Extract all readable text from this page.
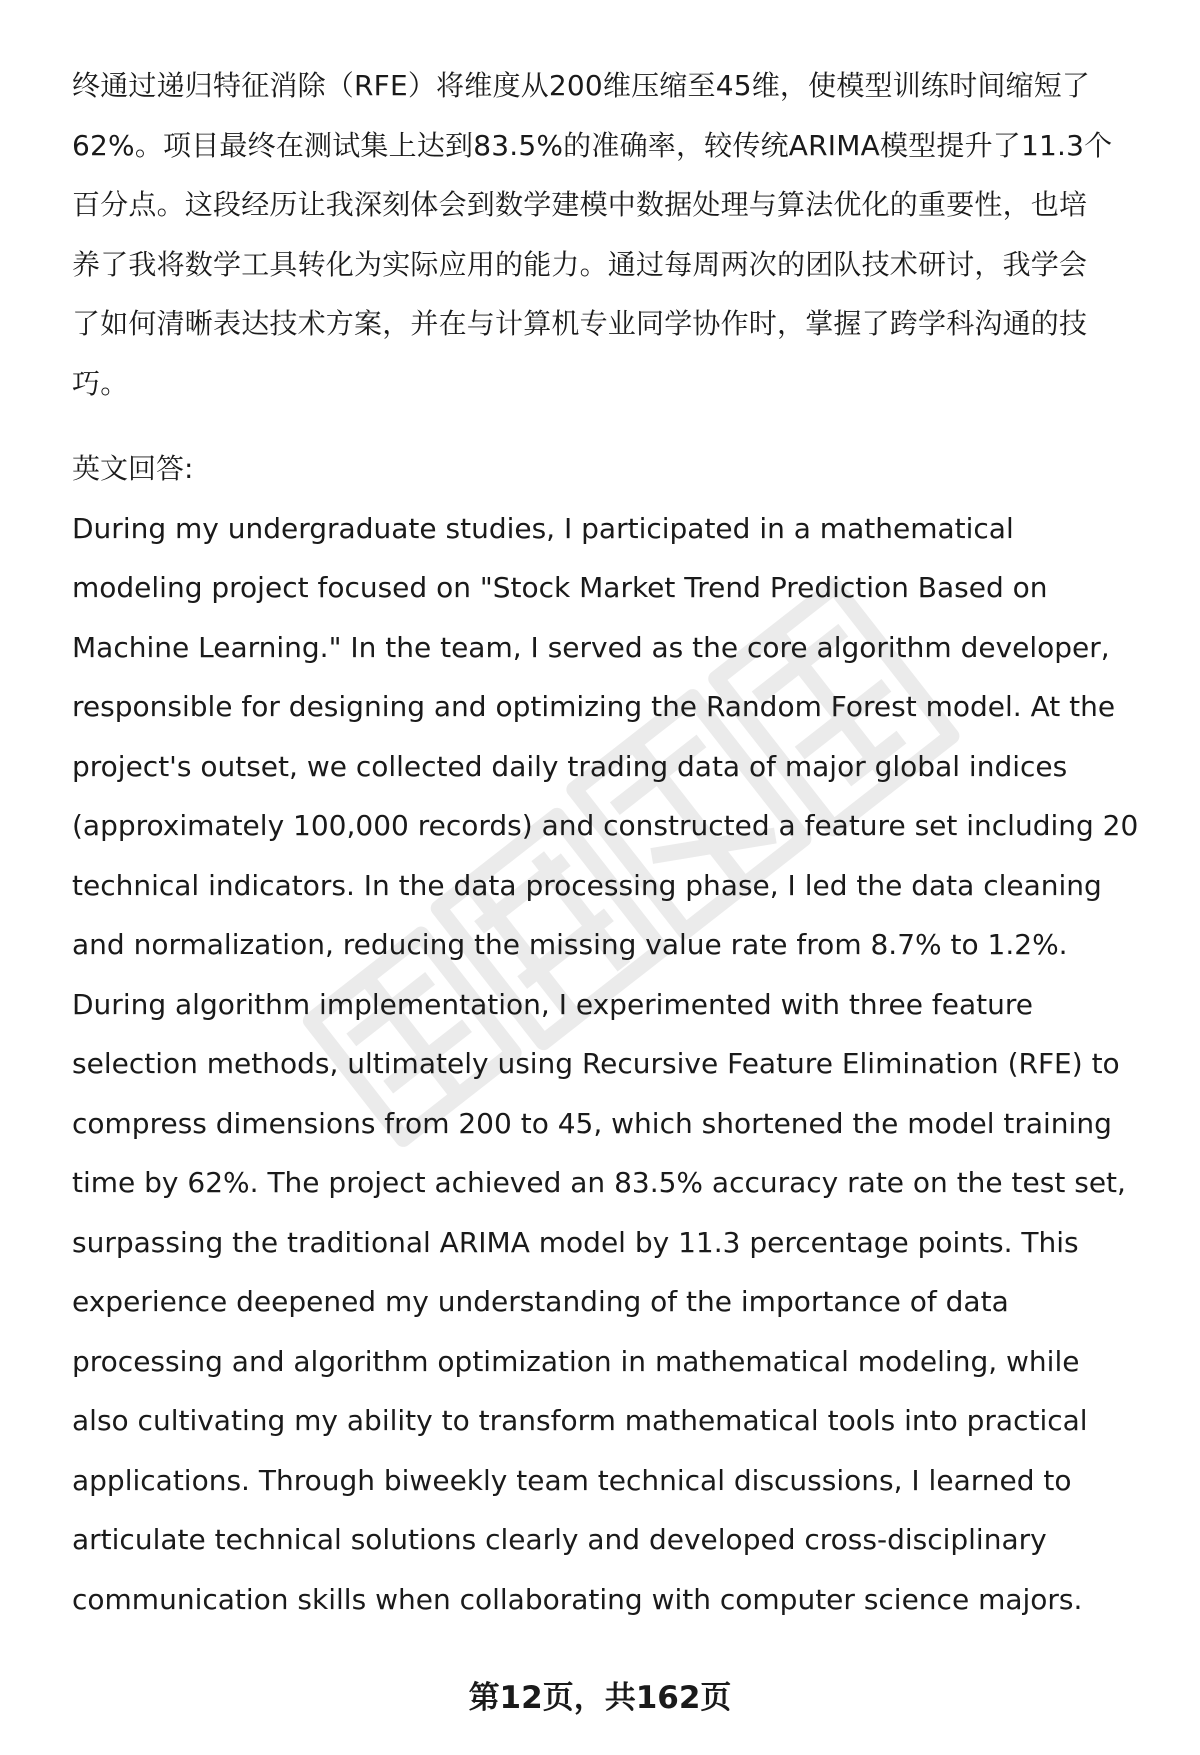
终通过递归特征消除（RFE）将维度从200维压缩至45维，使模型训练时间缩短了
62%。项目最终在测试集上达到83.5%的准确率，较传统ARIMA模型提升了11.3个
百分点。这段经历让我深刻体会到数学建模中数据处理与算法优化的重要性，也培
养了我将数学工具转化为实际应用的能力。通过每周两次的团队技术研讨，我学会
了如何清晰表达技术方案，并在与计算机专业同学协作时，掌握了跨学科沟通的技
巧。
英文回答:
During my undergraduate studies, I participated in a mathematical
modeling project focused on "Stock Market Trend Prediction Based on
Machine Learning." In the team, I served as the core algorithm developer,
responsible for designing and optimizing the Random Forest model. At the
project's outset, we collected daily trading data of major global indices
(approximately 100,000 records) and constructed a feature set including 20
technical indicators. In the data processing phase, I led the data cleaning
and normalization, reducing the missing value rate from 8.7% to 1.2%.
During algorithm implementation, I experimented with three feature
selection methods, ultimately using Recursive Feature Elimination (RFE) to
compress dimensions from 200 to 45, which shortened the model training
time by 62%. The project achieved an 83.5% accuracy rate on the test set,
surpassing the traditional ARIMA model by 11.3 percentage points. This
experience deepened my understanding of the importance of data
processing and algorithm optimization in mathematical modeling, while
also cultivating my ability to transform mathematical tools into practical
applications. Through biweekly team technical discussions, I learned to
articulate technical solutions clearly and developed cross-disciplinary
communication skills when collaborating with computer science majors.
第12页，共162页
